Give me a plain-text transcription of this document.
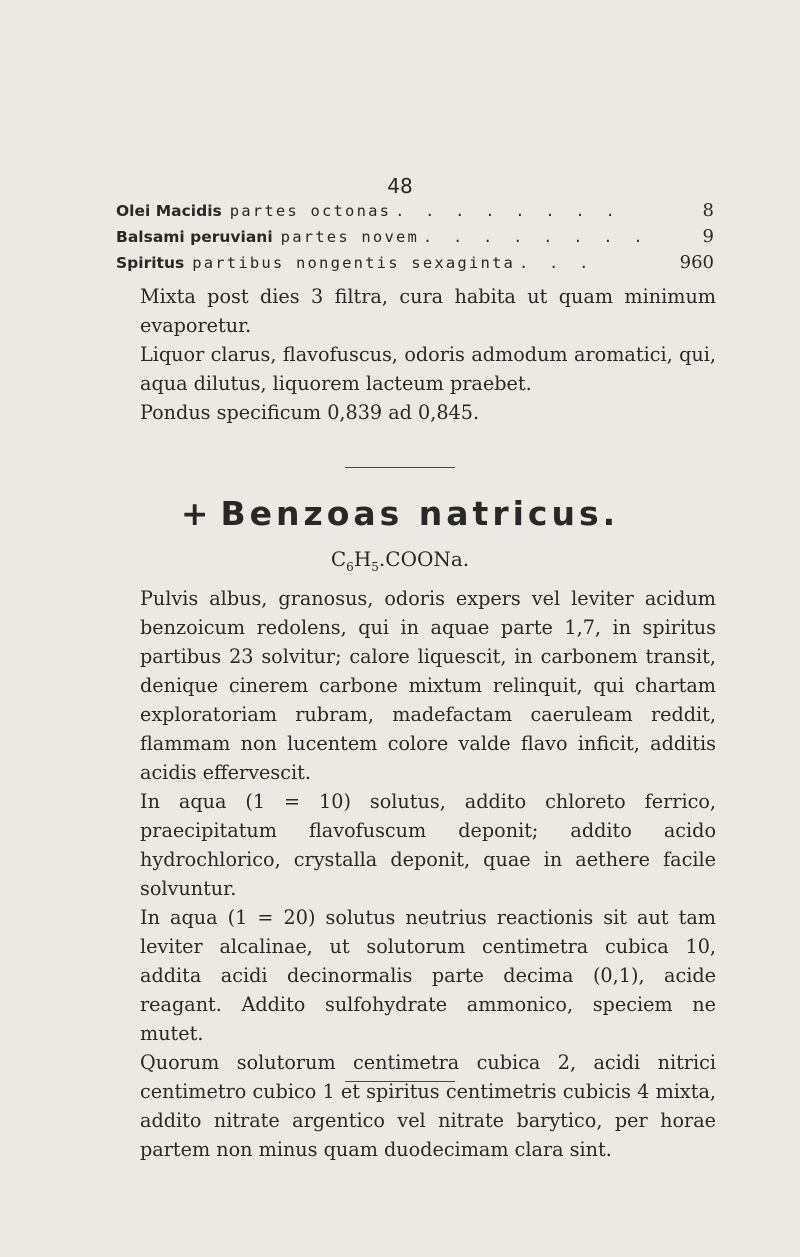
48
Olei Macidis partes octonas . . . . . . . .	8
Balsami peruviani partes novem . . . . . . . .	9
Spiritus partibus nongentis sexaginta . . .	960

Mixta post dies 3 filtra, cura habita ut quam minimum evaporetur.

Liquor clarus, flavofuscus, odoris admodum aromatici, qui, aqua dilutus, liquorem lacteum praebet.

Pondus specificum 0,839 ad 0,845.

+ Benzoas natricus.
$C_6H_5.COONa$.

Pulvis albus, granosus, odoris expers vel leviter acidum benzoicum redolens, qui in aquae parte 1,7, in spiritus partibus 23 solvitur; calore liquescit, in carbonem transit, denique cinerem carbone mixtum relinquit, qui chartam exploratoriam rubram, madefactam caeruleam reddit, flammam non lucentem colore valde flavo inficit, additis acidis effervescit.

In aqua (1 = 10) solutus, addito chloreto ferrico, praecipitatum flavofuscum deponit; addito acido hydrochlorico, crystalla deponit, quae in aethere facile solvuntur.

In aqua (1 = 20) solutus neutrius reactionis sit aut tam leviter alcalinae, ut solutorum centimetra cubica 10, addita acidi decinormalis parte decima (0,1), acide reagant. Addito sulfohydrate ammonico, speciem ne mutet.

Quorum solutorum centimetra cubica 2, acidi nitrici centimetro cubico 1 et spiritus centimetris cubicis 4 mixta, addito nitrate argentico vel nitrate barytico, per horae partem non minus quam duodecimam clara sint.
